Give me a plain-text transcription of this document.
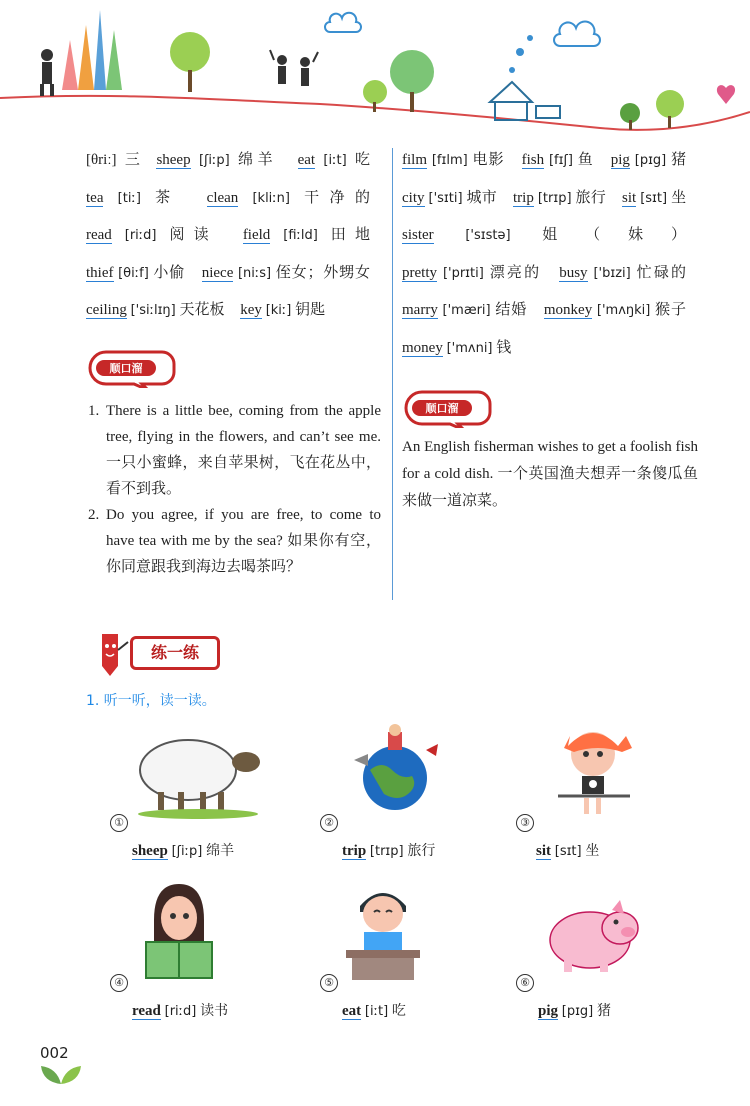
[θriː] 三 sheep [ʃiːp] 绵羊 eat [iːt] 吃 tea [tiː] 茶 clean [kliːn] 干净的 read [riːd] 阅读 field [fiːld] 田地 thief [θiːf] 小偷 niece [niːs] 侄女；外甥女 ceiling ['siːlɪŋ] 天花板 key [kiː] 钥匙
film [fɪlm] 电影 fish [fɪʃ] 鱼 pig [pɪg] 猪 city ['sɪti] 城市 trip [trɪp] 旅行 sit [sɪt] 坐 sister ['sɪstə] 姐（妹） pretty ['prɪti] 漂亮的 busy ['bɪzi] 忙碌的 marry ['mæri] 结婚 monkey ['mʌŋki] 猴子 money ['mʌni] 钱
顺口溜
1. There is a little bee, coming from the apple tree, flying in the flowers, and can’t see me. 一只小蜜蜂，来自苹果树，飞在花丛中，看不到我。
2. Do you agree, if you are free, to come to have tea with me by the sea? 如果你有空，你同意跟我到海边去喝茶吗？
顺口溜
An English fisherman wishes to get a foolish fish for a cold dish. 一个英国渔夫想弄一条傻瓜鱼来做一道凉菜。
练一练
1. 听一听，读一读。
①
sheep [ʃiːp] 绵羊
②
trip [trɪp] 旅行
③
sit [sɪt] 坐
④
read [riːd] 读书
⑤
eat [iːt] 吃
⑥
pig [pɪg] 猪
002
